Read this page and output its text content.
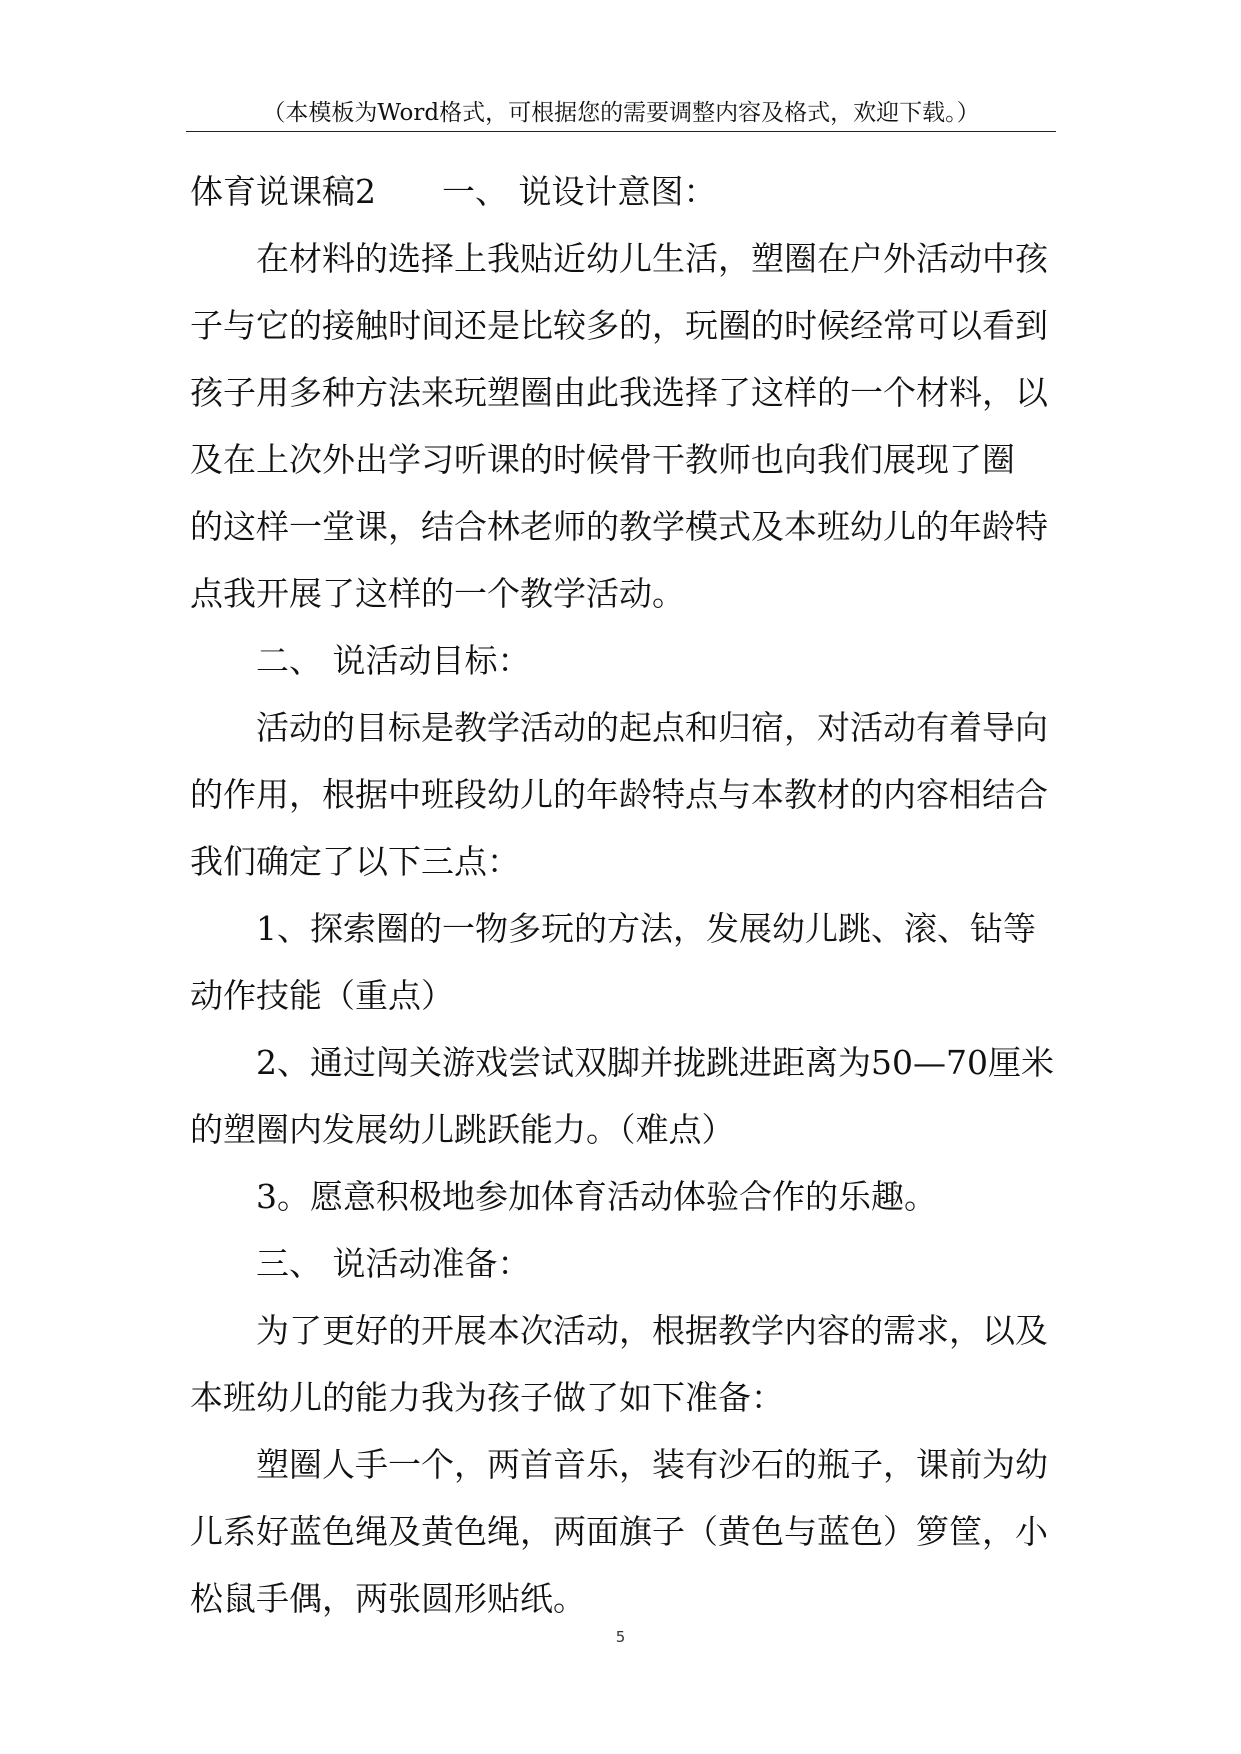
（本模板为Word格式，可根据您的需要调整内容及格式，欢迎下载。）
体育说课稿2　　一、 说设计意图：
在材料的选择上我贴近幼儿生活，塑圈在户外活动中孩
子与它的接触时间还是比较多的，玩圈的时候经常可以看到
孩子用多种方法来玩塑圈由此我选择了这样的一个材料，以
及在上次外出学习听课的时候骨干教师也向我们展现了圈
的这样一堂课，结合林老师的教学模式及本班幼儿的年龄特
点我开展了这样的一个教学活动。
二、 说活动目标：
活动的目标是教学活动的起点和归宿，对活动有着导向
的作用，根据中班段幼儿的年龄特点与本教材的内容相结合
我们确定了以下三点：
1、探索圈的一物多玩的方法，发展幼儿跳、滚、钻等
动作技能（重点）
2、通过闯关游戏尝试双脚并拢跳进距离为50—70厘米
的塑圈内发展幼儿跳跃能力。（难点）
3。愿意积极地参加体育活动体验合作的乐趣。
三、 说活动准备：
为了更好的开展本次活动，根据教学内容的需求，以及
本班幼儿的能力我为孩子做了如下准备：
塑圈人手一个，两首音乐，装有沙石的瓶子，课前为幼
儿系好蓝色绳及黄色绳，两面旗子（黄色与蓝色）箩筐，小
松鼠手偶，两张圆形贴纸。
5
